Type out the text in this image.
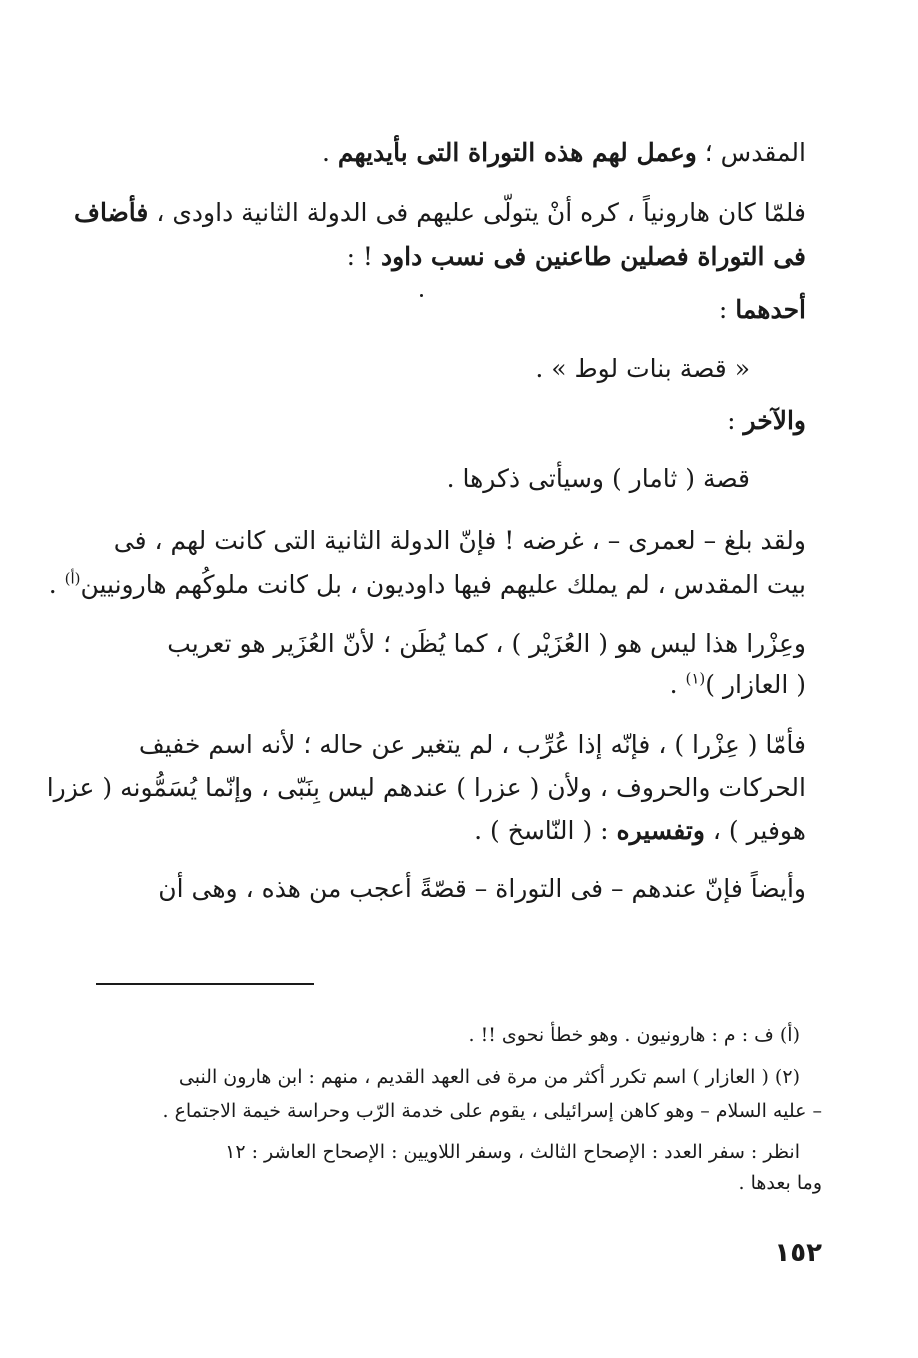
المقدس ؛ وعمل لهم هذه التوراة التى بأيديهم .
فلمّا كان هارونياً ، كره أنْ يتولّى عليهم فى الدولة الثانية داودى ، فأضاف
فى التوراة فصلين طاعنين فى نسب داود ! :
أحدهما :
« قصة بنات لوط » .
والآخر :
قصة ( ثامار ) وسيأتى ذكرها .
ولقد بلغ – لعمرى – ، غرضه ! فإنّ الدولة الثانية التى كانت لهم ، فى
بيت المقدس ، لم يملك عليهم فيها داوديون ، بل كانت ملوكُهم هارونيين$^{(أ)}$ .
وعِزْرا هذا ليس هو ( العُزَيْر ) ، كما يُظَن ؛ لأنّ العُزَير هو تعريب
( العازار )$^{(١)}$ .
فأمّا ( عِزْرا ) ، فإنّه إذا عُرِّب ، لم يتغير عن حاله ؛ لأنه اسم خفيف
الحركات والحروف ، ولأن ( عزرا ) عندهم ليس بِنَبّى ، وإنّما يُسَمُّونه ( عزرا
هوفير ) ، وتفسيره : ( النّاسخ ) .
وأيضاً فإنّ عندهم – فى التوراة – قصّةً أعجب من هذه ، وهى أن
(أ) ف : م : هارونيون . وهو خطأ نحوى !! .
(٢) ( العازار ) اسم تكرر أكثر من مرة فى العهد القديم ، منهم : ابن هارون النبى
– عليه السلام – وهو كاهن إسرائيلى ، يقوم على خدمة الرّب وحراسة خيمة الاجتماع .
انظر : سفر العدد : الإصحاح الثالث ، وسفر اللاويين : الإصحاح العاشر : ١٢
وما بعدها .
١٥٢
